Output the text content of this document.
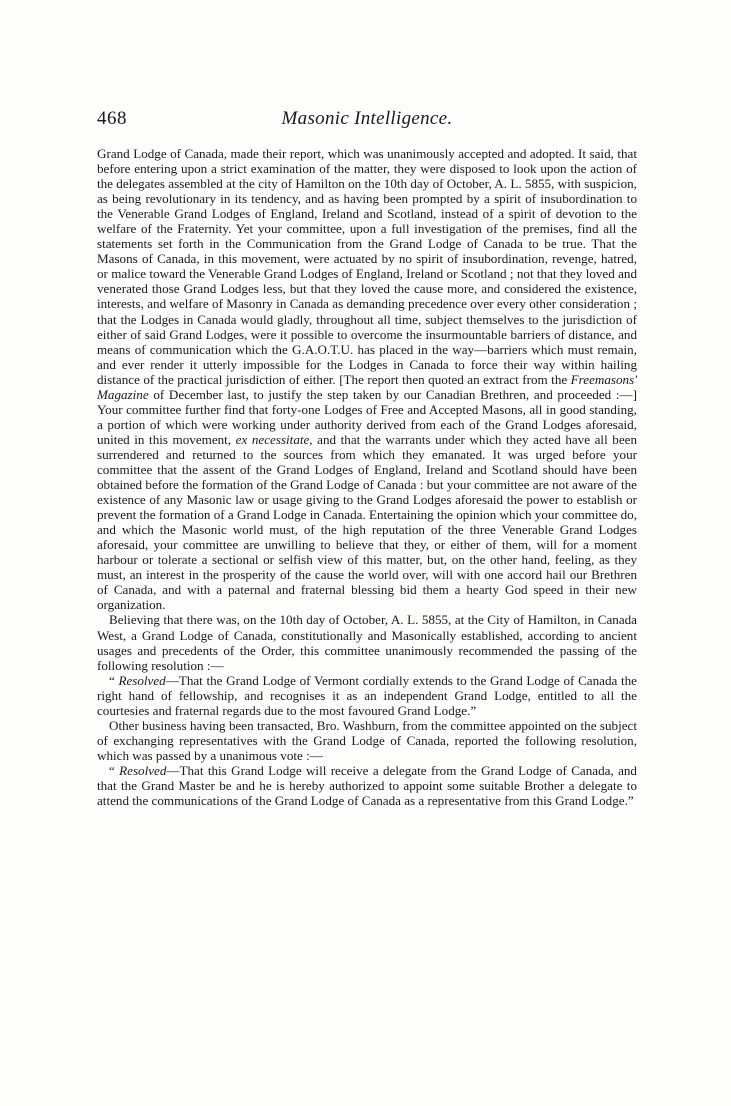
468	Masonic Intelligence.

Grand Lodge of Canada, made their report, which was unanimously accepted and adopted. It said, that before entering upon a strict examination of the matter, they were disposed to look upon the action of the delegates assembled at the city of Hamilton on the 10th day of October, A. L. 5855, with suspicion, as being revolutionary in its tendency, and as having been prompted by a spirit of insubordination to the Venerable Grand Lodges of England, Ireland and Scotland, instead of a spirit of devotion to the welfare of the Fraternity. Yet your committee, upon a full investigation of the premises, find all the statements set forth in the Communication from the Grand Lodge of Canada to be true. That the Masons of Canada, in this movement, were actuated by no spirit of insubordination, revenge, hatred, or malice toward the Venerable Grand Lodges of England, Ireland or Scotland ; not that they loved and venerated those Grand Lodges less, but that they loved the cause more, and considered the existence, interests, and welfare of Masonry in Canada as demanding precedence over every other consideration ; that the Lodges in Canada would gladly, throughout all time, subject themselves to the jurisdiction of either of said Grand Lodges, were it possible to overcome the insurmountable barriers of distance, and means of communication which the G.A.O.T.U. has placed in the way—barriers which must remain, and ever render it utterly impossible for the Lodges in Canada to force their way within hailing distance of the practical jurisdiction of either. [The report then quoted an extract from the Freemasons' Magazine of December last, to justify the step taken by our Canadian Brethren, and proceeded :—] Your committee further find that forty-one Lodges of Free and Accepted Masons, all in good standing, a portion of which were working under authority derived from each of the Grand Lodges aforesaid, united in this movement, ex necessitate, and that the warrants under which they acted have all been surrendered and returned to the sources from which they emanated. It was urged before your committee that the assent of the Grand Lodges of England, Ireland and Scotland should have been obtained before the formation of the Grand Lodge of Canada : but your committee are not aware of the existence of any Masonic law or usage giving to the Grand Lodges aforesaid the power to establish or prevent the formation of a Grand Lodge in Canada. Entertaining the opinion which your committee do, and which the Masonic world must, of the high reputation of the three Venerable Grand Lodges aforesaid, your committee are unwilling to believe that they, or either of them, will for a moment harbour or tolerate a sectional or selfish view of this matter, but, on the other hand, feeling, as they must, an interest in the prosperity of the cause the world over, will with one accord hail our Brethren of Canada, and with a paternal and fraternal blessing bid them a hearty God speed in their new organization.

Believing that there was, on the 10th day of October, A. L. 5855, at the City of Hamilton, in Canada West, a Grand Lodge of Canada, constitutionally and Masonically established, according to ancient usages and precedents of the Order, this committee unanimously recommended the passing of the following resolution :—

“ Resolved—That the Grand Lodge of Vermont cordially extends to the Grand Lodge of Canada the right hand of fellowship, and recognises it as an independent Grand Lodge, entitled to all the courtesies and fraternal regards due to the most favoured Grand Lodge.”

Other business having been transacted, Bro. Washburn, from the committee appointed on the subject of exchanging representatives with the Grand Lodge of Canada, reported the following resolution, which was passed by a unanimous vote :—

“ Resolved—That this Grand Lodge will receive a delegate from the Grand Lodge of Canada, and that the Grand Master be and he is hereby authorized to appoint some suitable Brother a delegate to attend the communications of the Grand Lodge of Canada as a representative from this Grand Lodge.”
